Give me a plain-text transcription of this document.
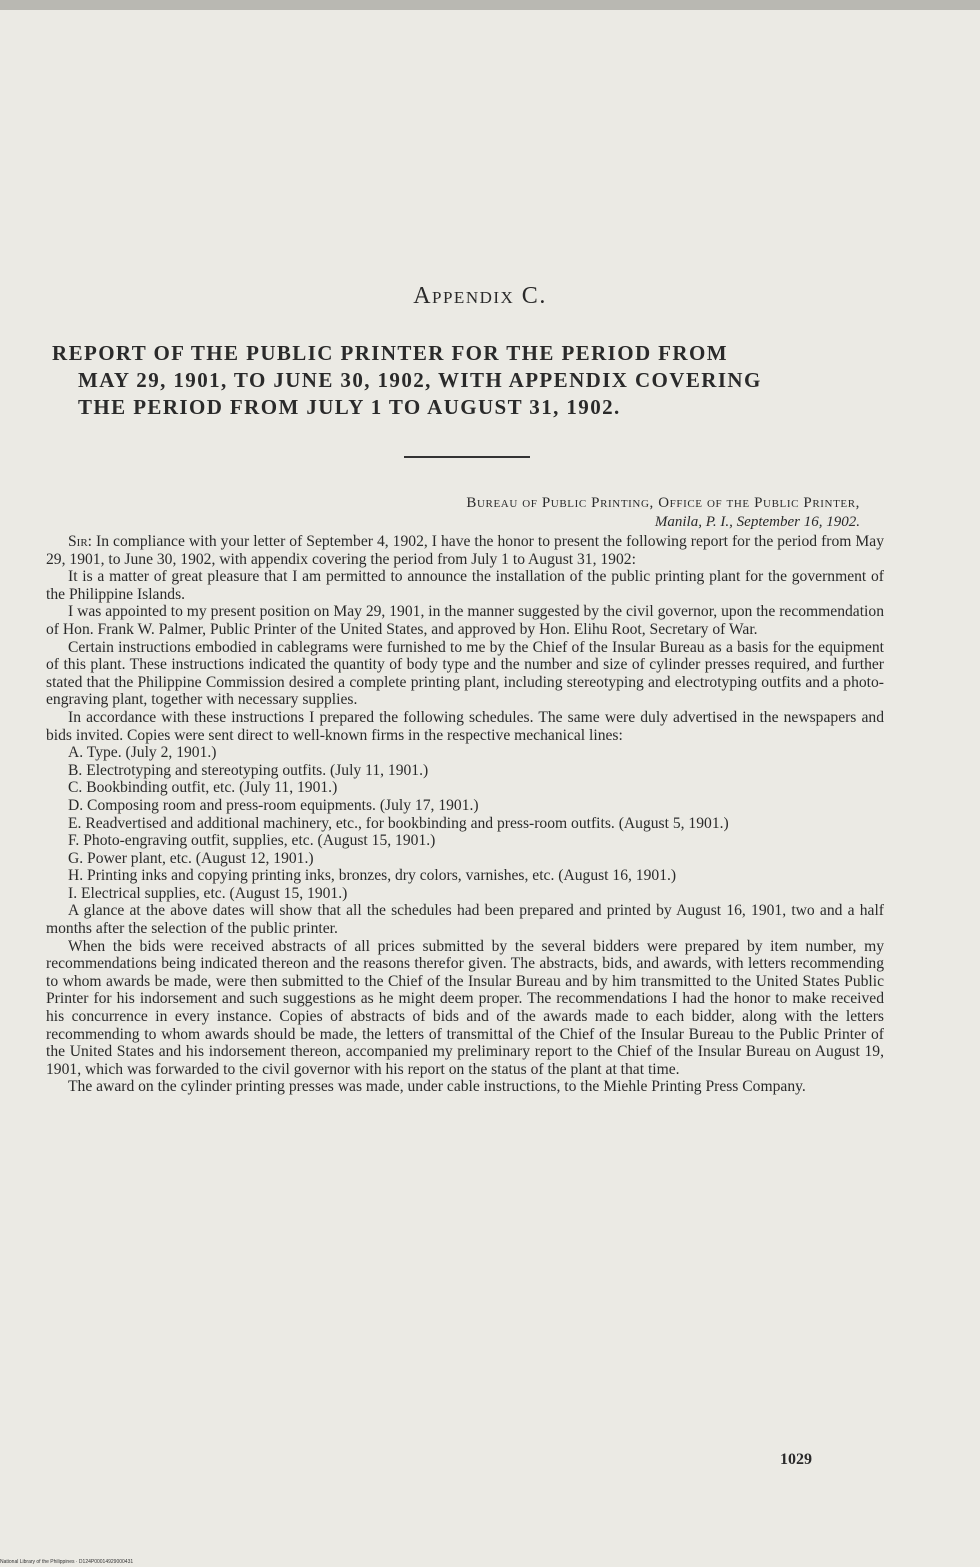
Appendix C.
REPORT OF THE PUBLIC PRINTER FOR THE PERIOD FROM
MAY 29, 1901, TO JUNE 30, 1902, WITH APPENDIX COVERING
THE PERIOD FROM JULY 1 TO AUGUST 31, 1902.
Bureau of Public Printing, Office of the Public Printer,
Manila, P. I., September 16, 1902.

Sir: In compliance with your letter of September 4, 1902, I have the honor to present the following report for the period from May 29, 1901, to June 30, 1902, with appendix covering the period from July 1 to August 31, 1902:

It is a matter of great pleasure that I am permitted to announce the installation of the public printing plant for the government of the Philippine Islands.

I was appointed to my present position on May 29, 1901, in the manner suggested by the civil governor, upon the recommendation of Hon. Frank W. Palmer, Public Printer of the United States, and approved by Hon. Elihu Root, Secretary of War.

Certain instructions embodied in cablegrams were furnished to me by the Chief of the Insular Bureau as a basis for the equipment of this plant. These instructions indicated the quantity of body type and the number and size of cylinder presses required, and further stated that the Philippine Commission desired a complete printing plant, including stereotyping and electrotyping outfits and a photo-engraving plant, together with necessary supplies.

In accordance with these instructions I prepared the following schedules. The same were duly advertised in the newspapers and bids invited. Copies were sent direct to well-known firms in the respective mechanical lines:

A. Type. (July 2, 1901.)

B. Electrotyping and stereotyping outfits. (July 11, 1901.)

C. Bookbinding outfit, etc. (July 11, 1901.)

D. Composing room and press-room equipments. (July 17, 1901.)

E. Readvertised and additional machinery, etc., for bookbinding and press-room outfits. (August 5, 1901.)

F. Photo-engraving outfit, supplies, etc. (August 15, 1901.)

G. Power plant, etc. (August 12, 1901.)

H. Printing inks and copying printing inks, bronzes, dry colors, varnishes, etc. (August 16, 1901.)

I. Electrical supplies, etc. (August 15, 1901.)

A glance at the above dates will show that all the schedules had been prepared and printed by August 16, 1901, two and a half months after the selection of the public printer.

When the bids were received abstracts of all prices submitted by the several bidders were prepared by item number, my recommendations being indicated thereon and the reasons therefor given. The abstracts, bids, and awards, with letters recommending to whom awards be made, were then submitted to the Chief of the Insular Bureau and by him transmitted to the United States Public Printer for his indorsement and such suggestions as he might deem proper. The recommendations I had the honor to make received his concurrence in every instance. Copies of abstracts of bids and of the awards made to each bidder, along with the letters recommending to whom awards should be made, the letters of transmittal of the Chief of the Insular Bureau to the Public Printer of the United States and his indorsement thereon, accompanied my preliminary report to the Chief of the Insular Bureau on August 19, 1901, which was forwarded to the civil governor with his report on the status of the plant at that time.

The award on the cylinder printing presses was made, under cable instructions, to the Miehle Printing Press Company.

1029
National Library of the Philippines · D124P00014929000431
